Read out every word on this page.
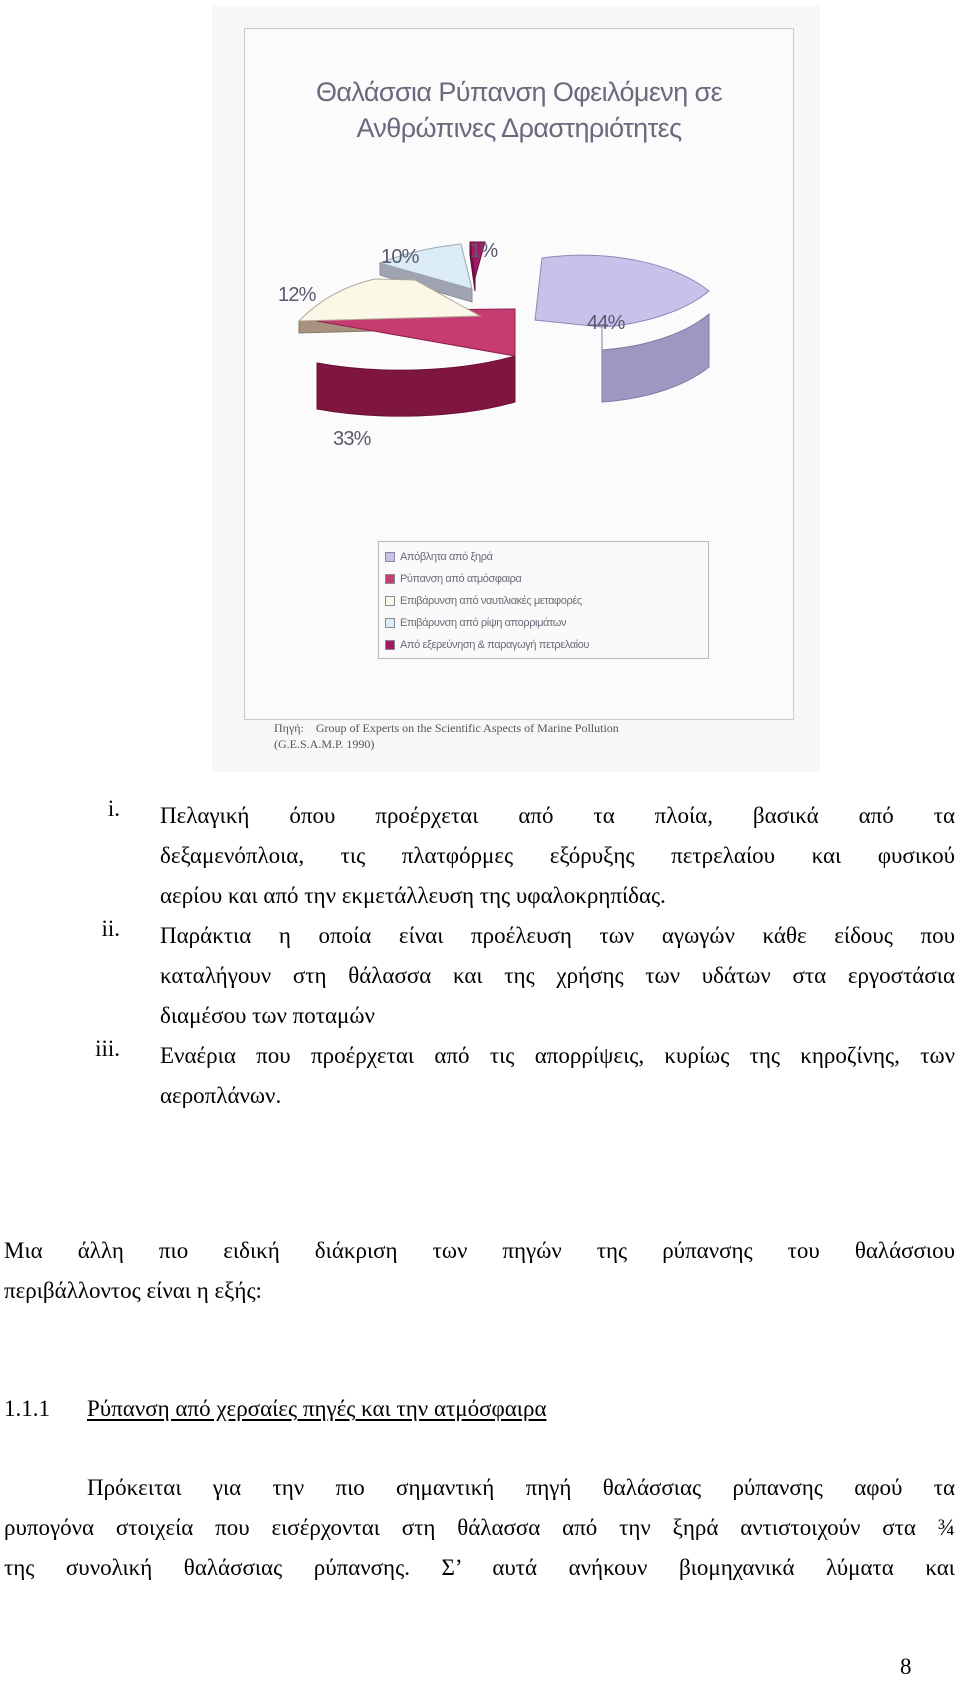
Θαλάσσια Ρύπανση Οφειλόμενη σε
Ανθρώπινες Δραστηριότητες
44%
33%
12%
10%	1%
Απόβλητα από ξηρά
Ρύπανση από ατμόσφαιρα
Επιβάρυνση από ναυτιλιακές μεταφορές
Επιβάρυνση από ρίψη απορριμάτων
Από εξερεύνηση & παραγωγή πετρελαίου
Πηγή: Group of Experts on the Scientific Aspects of Marine Pollution
(G.E.S.A.M.P. 1990)
i. Πελαγική όπου προέρχεται από τα πλοία, βασικά από τα
δεξαμενόπλοια, τις πλατφόρμες εξόρυξης πετρελαίου και φυσικού
αερίου και από την εκμετάλλευση της υφαλοκρηπίδας.
ii. Παράκτια η οποία είναι προέλευση των αγωγών κάθε είδους που
καταλήγουν στη θάλασσα και της χρήσης των υδάτων στα εργοστάσια
διαμέσου των ποταμών
iii. Εναέρια που προέρχεται από τις απορρίψεις, κυρίως της κηροζίνης, των
αεροπλάνων.
Μια άλλη πιο ειδική διάκριση των πηγών της ρύπανσης του θαλάσσιου
περιβάλλοντος είναι η εξής:
1.1.1 Ρύπανση από χερσαίες πηγές και την ατμόσφαιρα
Πρόκειται για την πιο σημαντική πηγή θαλάσσιας ρύπανσης αφού τα
ρυπογόνα στοιχεία που εισέρχονται στη θάλασσα από την ξηρά αντιστοιχούν στα ¾
της συνολική θαλάσσιας ρύπανσης. Σ’ αυτά ανήκουν βιομηχανικά λύματα και
8
